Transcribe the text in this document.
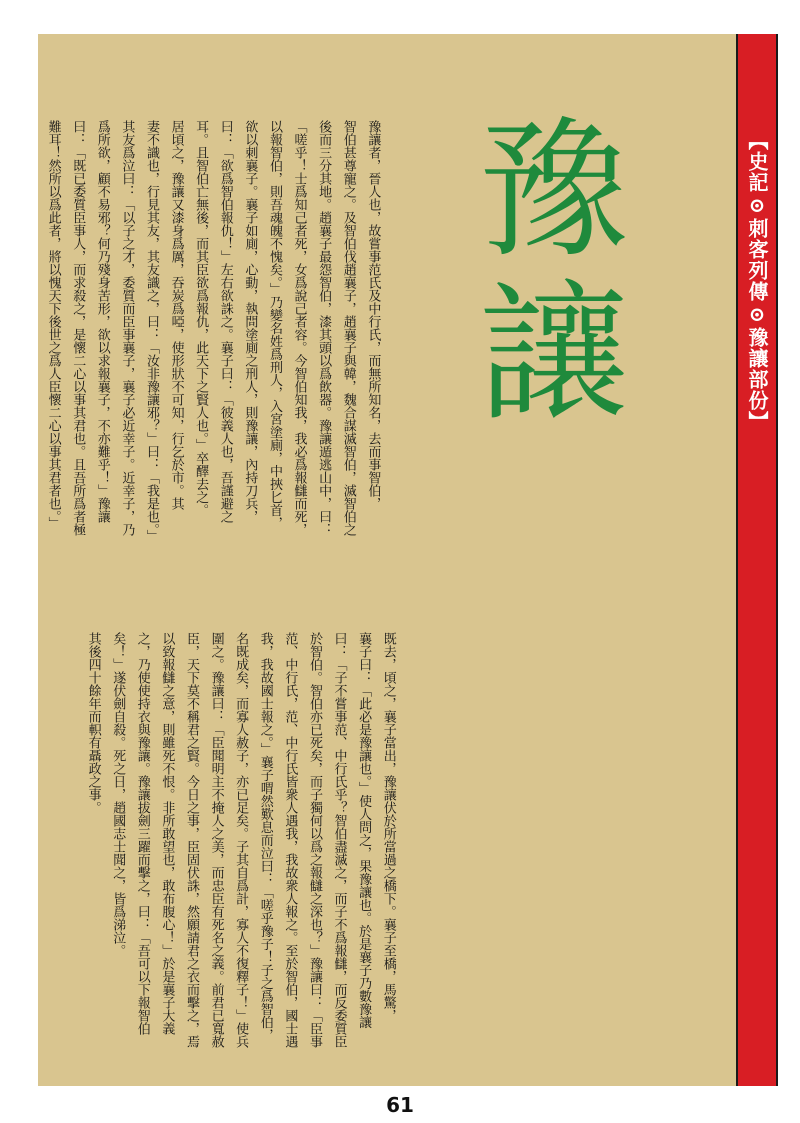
【史記⊙刺客列傳⊙豫讓部份】
豫讓
豫讓者，晉人也，故嘗事范氏及中行氏，而無所知名，去而事智伯，
智伯甚尊寵之。及智伯伐趙襄子，趙襄子與韓，魏合謀滅智伯，滅智伯之
後而三分其地。趙襄子最怨智伯，漆其頭以爲飲器。豫讓遁逃山中，曰：
「嗟乎！士爲知己者死，女爲說己者容。今智伯知我，我必爲報讎而死，
以報智伯，則吾魂魄不愧矣。」乃變名姓爲刑人，入宮塗廁，中挾匕首，
欲以刺襄子。襄子如廁，心動，執問塗廁之刑人，則豫讓，內持刀兵，
曰：「欲爲智伯報仇！」左右欲誅之。襄子曰：「彼義人也，吾謹避之
耳。且智伯亡無後，而其臣欲爲報仇，此天下之賢人也。」卒醳去之。
居頃之，豫讓又漆身爲厲，吞炭爲啞，使形狀不可知，行乞於市。其
妻不識也，行見其友，其友識之，曰：「汝非豫讓邪？」曰：「我是也。」
其友爲泣曰：「以子之才，委質而臣事襄子，襄子必近幸子。近幸子，乃
爲所欲，顧不易邪？何乃殘身苦形，欲以求報襄子，不亦難乎！」豫讓
曰：「既已委質臣事人，而求殺之，是懷二心以事其君也。且吾所爲者極
難耳！然所以爲此者，將以愧天下後世之爲人臣懷二心以事其君者也。」
既去，頃之，襄子當出，豫讓伏於所當過之橋下。襄子至橋，馬驚，
襄子曰：「此必是豫讓也。」使人問之，果豫讓也。於是襄子乃數豫讓
曰：「子不嘗事范、中行氏乎？智伯盡滅之，而子不爲報讎，而反委質臣
於智伯。智伯亦已死矣，而子獨何以爲之報讎之深也？」豫讓曰：「臣事
范、中行氏，范、中行氏皆衆人遇我，我故衆人報之。至於智伯，國士遇
我，我故國士報之。」襄子喟然歎息而泣曰：「嗟乎豫子！子之爲智伯，
名既成矣，而寡人赦子，亦已足矣。子其自爲計，寡人不復釋子！」使兵
圍之。豫讓曰：「臣聞明主不掩人之美，而忠臣有死名之義。前君已寬赦
臣，天下莫不稱君之賢。今日之事，臣固伏誅，然願請君之衣而擊之，焉
以致報讎之意，則雖死不恨。非所敢望也，敢布腹心！」於是襄子大義
之，乃使使持衣與豫讓。豫讓拔劍三躍而擊之，曰：「吾可以下報智伯
矣！」遂伏劍自殺。死之日，趙國志士聞之，皆爲涕泣。
其後四十餘年而軹有聶政之事。
61
